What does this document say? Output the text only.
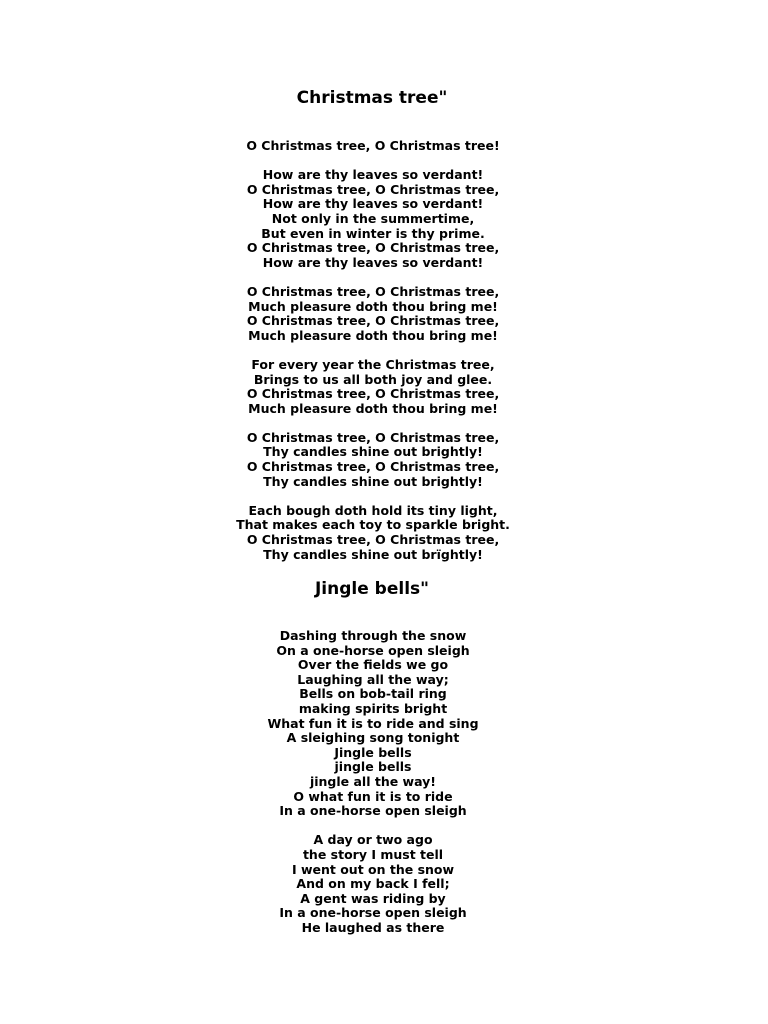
Christmas tree"

O Christmas tree, O Christmas tree!

How are thy leaves so verdant!
O Christmas tree, O Christmas tree,
How are thy leaves so verdant!
Not only in the summertime,
But even in winter is thy prime.
O Christmas tree, O Christmas tree,
How are thy leaves so verdant!

O Christmas tree, O Christmas tree,
Much pleasure doth thou bring me!
O Christmas tree, O Christmas tree,
Much pleasure doth thou bring me!

For every year the Christmas tree,
Brings to us all both joy and glee.
O Christmas tree, O Christmas tree,
Much pleasure doth thou bring me!

O Christmas tree, O Christmas tree,
Thy candles shine out brightly!
O Christmas tree, O Christmas tree,
Thy candles shine out brightly!

Each bough doth hold its tiny light,
That makes each toy to sparkle bright.
O Christmas tree, O Christmas tree,
Thy candles shine out brïghtly!

Jingle bells"

Dashing through the snow
On a one-horse open sleigh
Over the fields we go
Laughing all the way;
Bells on bob-tail ring
making spirits bright
What fun it is to ride and sing
A sleighing song tonight
Jingle bells
jingle bells
jingle all the way!
O what fun it is to ride
In a one-horse open sleigh

A day or two ago
the story I must tell
I went out on the snow
And on my back I fell;
A gent was riding by
In a one-horse open sleigh
He laughed as there
